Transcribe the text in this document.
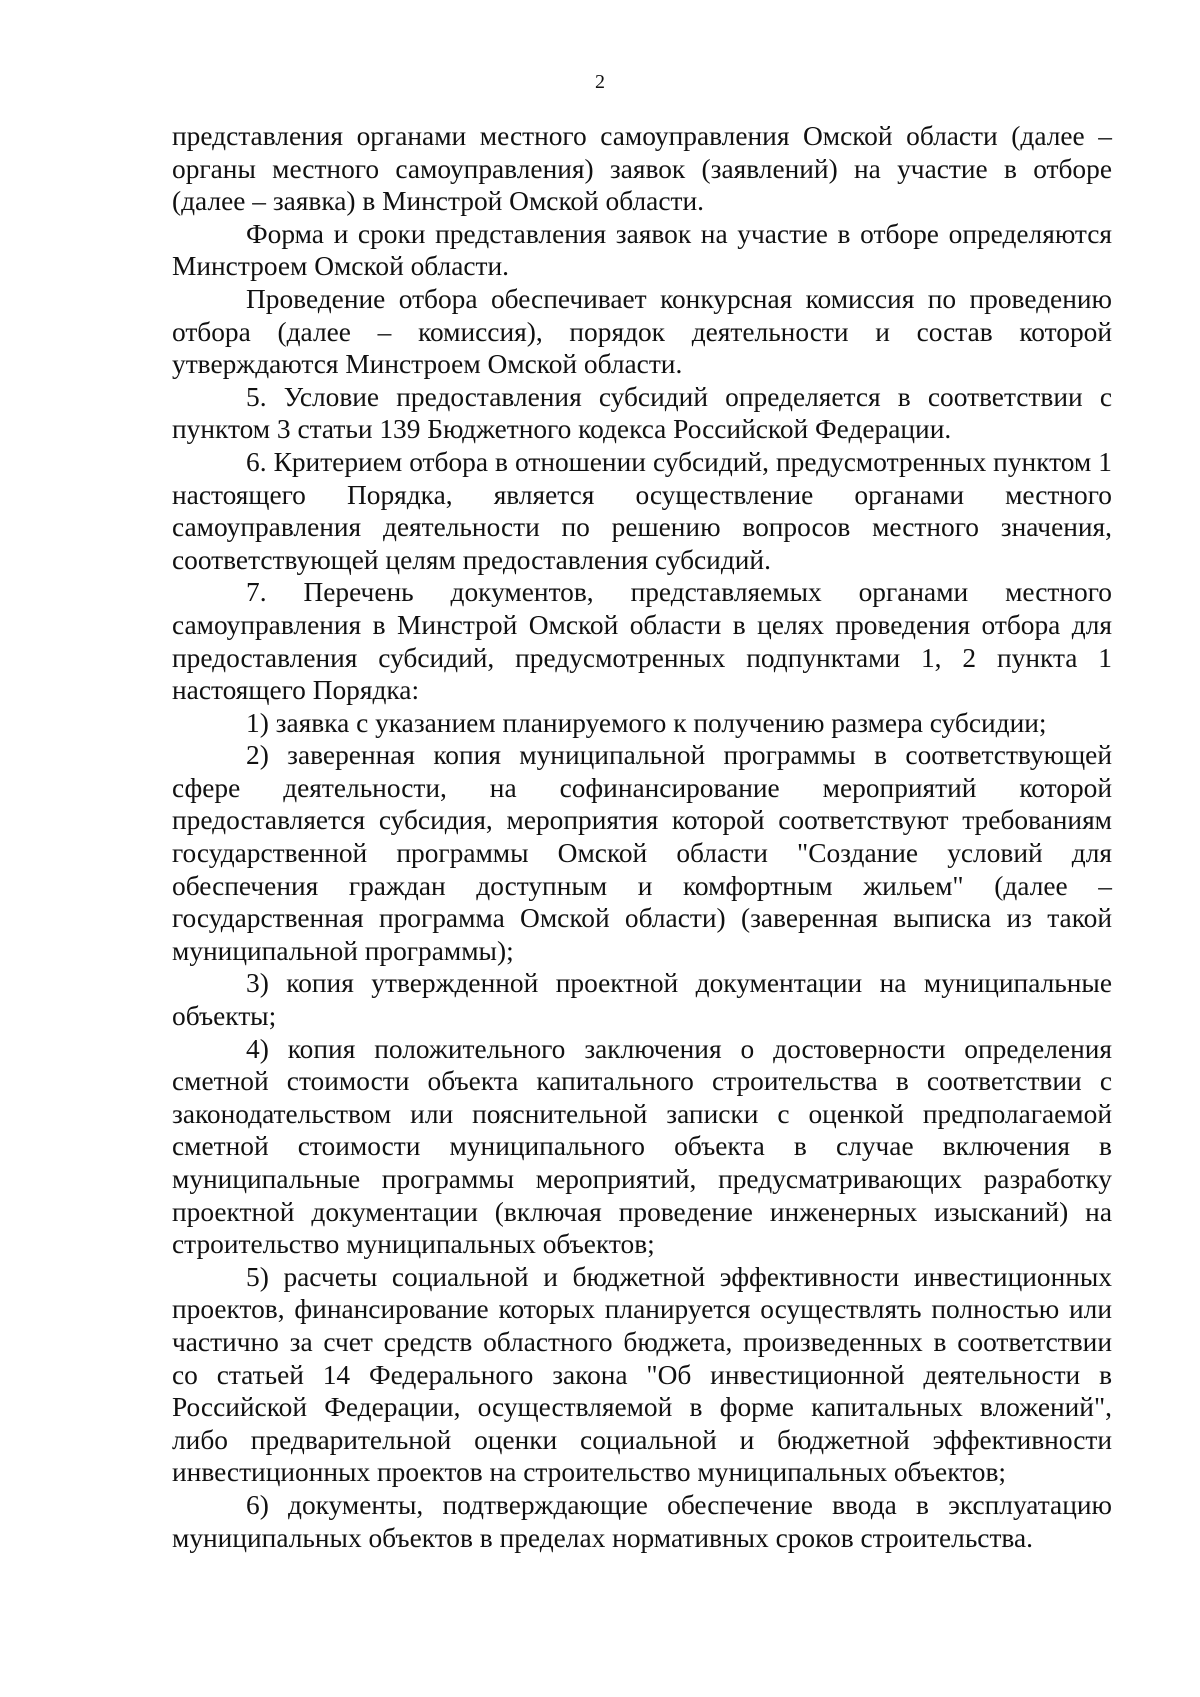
2

представления органами местного самоуправления Омской области (далее – органы местного самоуправления) заявок (заявлений) на участие в отборе (далее – заявка) в Минстрой Омской области.

Форма и сроки представления заявок на участие в отборе определяются Минстроем Омской области.

Проведение отбора обеспечивает конкурсная комиссия по проведению отбора (далее – комиссия), порядок деятельности и состав которой утверждаются Минстроем Омской области.

5. Условие предоставления субсидий определяется в соответствии с пунктом 3 статьи 139 Бюджетного кодекса Российской Федерации.

6. Критерием отбора в отношении субсидий, предусмотренных пунктом 1 настоящего Порядка, является осуществление органами местного самоуправления деятельности по решению вопросов местного значения, соответствующей целям предоставления субсидий.

7. Перечень документов, представляемых органами местного самоуправления в Минстрой Омской области в целях проведения отбора для предоставления субсидий, предусмотренных подпунктами 1, 2 пункта 1 настоящего Порядка:

1) заявка с указанием планируемого к получению размера субсидии;

2) заверенная копия муниципальной программы в соответствующей сфере деятельности, на софинансирование мероприятий которой предоставляется субсидия, мероприятия которой соответствуют требованиям государственной программы Омской области "Создание условий для обеспечения граждан доступным и комфортным жильем" (далее – государственная программа Омской области) (заверенная выписка из такой муниципальной программы);

3) копия утвержденной проектной документации на муниципальные объекты;

4) копия положительного заключения о достоверности определения сметной стоимости объекта капитального строительства в соответствии с законодательством или пояснительной записки с оценкой предполагаемой сметной стоимости муниципального объекта в случае включения в муниципальные программы мероприятий, предусматривающих разработку проектной документации (включая проведение инженерных изысканий) на строительство муниципальных объектов;

5) расчеты социальной и бюджетной эффективности инвестиционных проектов, финансирование которых планируется осуществлять полностью или частично за счет средств областного бюджета, произведенных в соответствии со статьей 14 Федерального закона "Об инвестиционной деятельности в Российской Федерации, осуществляемой в форме капитальных вложений", либо предварительной оценки социальной и бюджетной эффективности инвестиционных проектов на строительство муниципальных объектов;

6) документы, подтверждающие обеспечение ввода в эксплуатацию муниципальных объектов в пределах нормативных сроков строительства.
